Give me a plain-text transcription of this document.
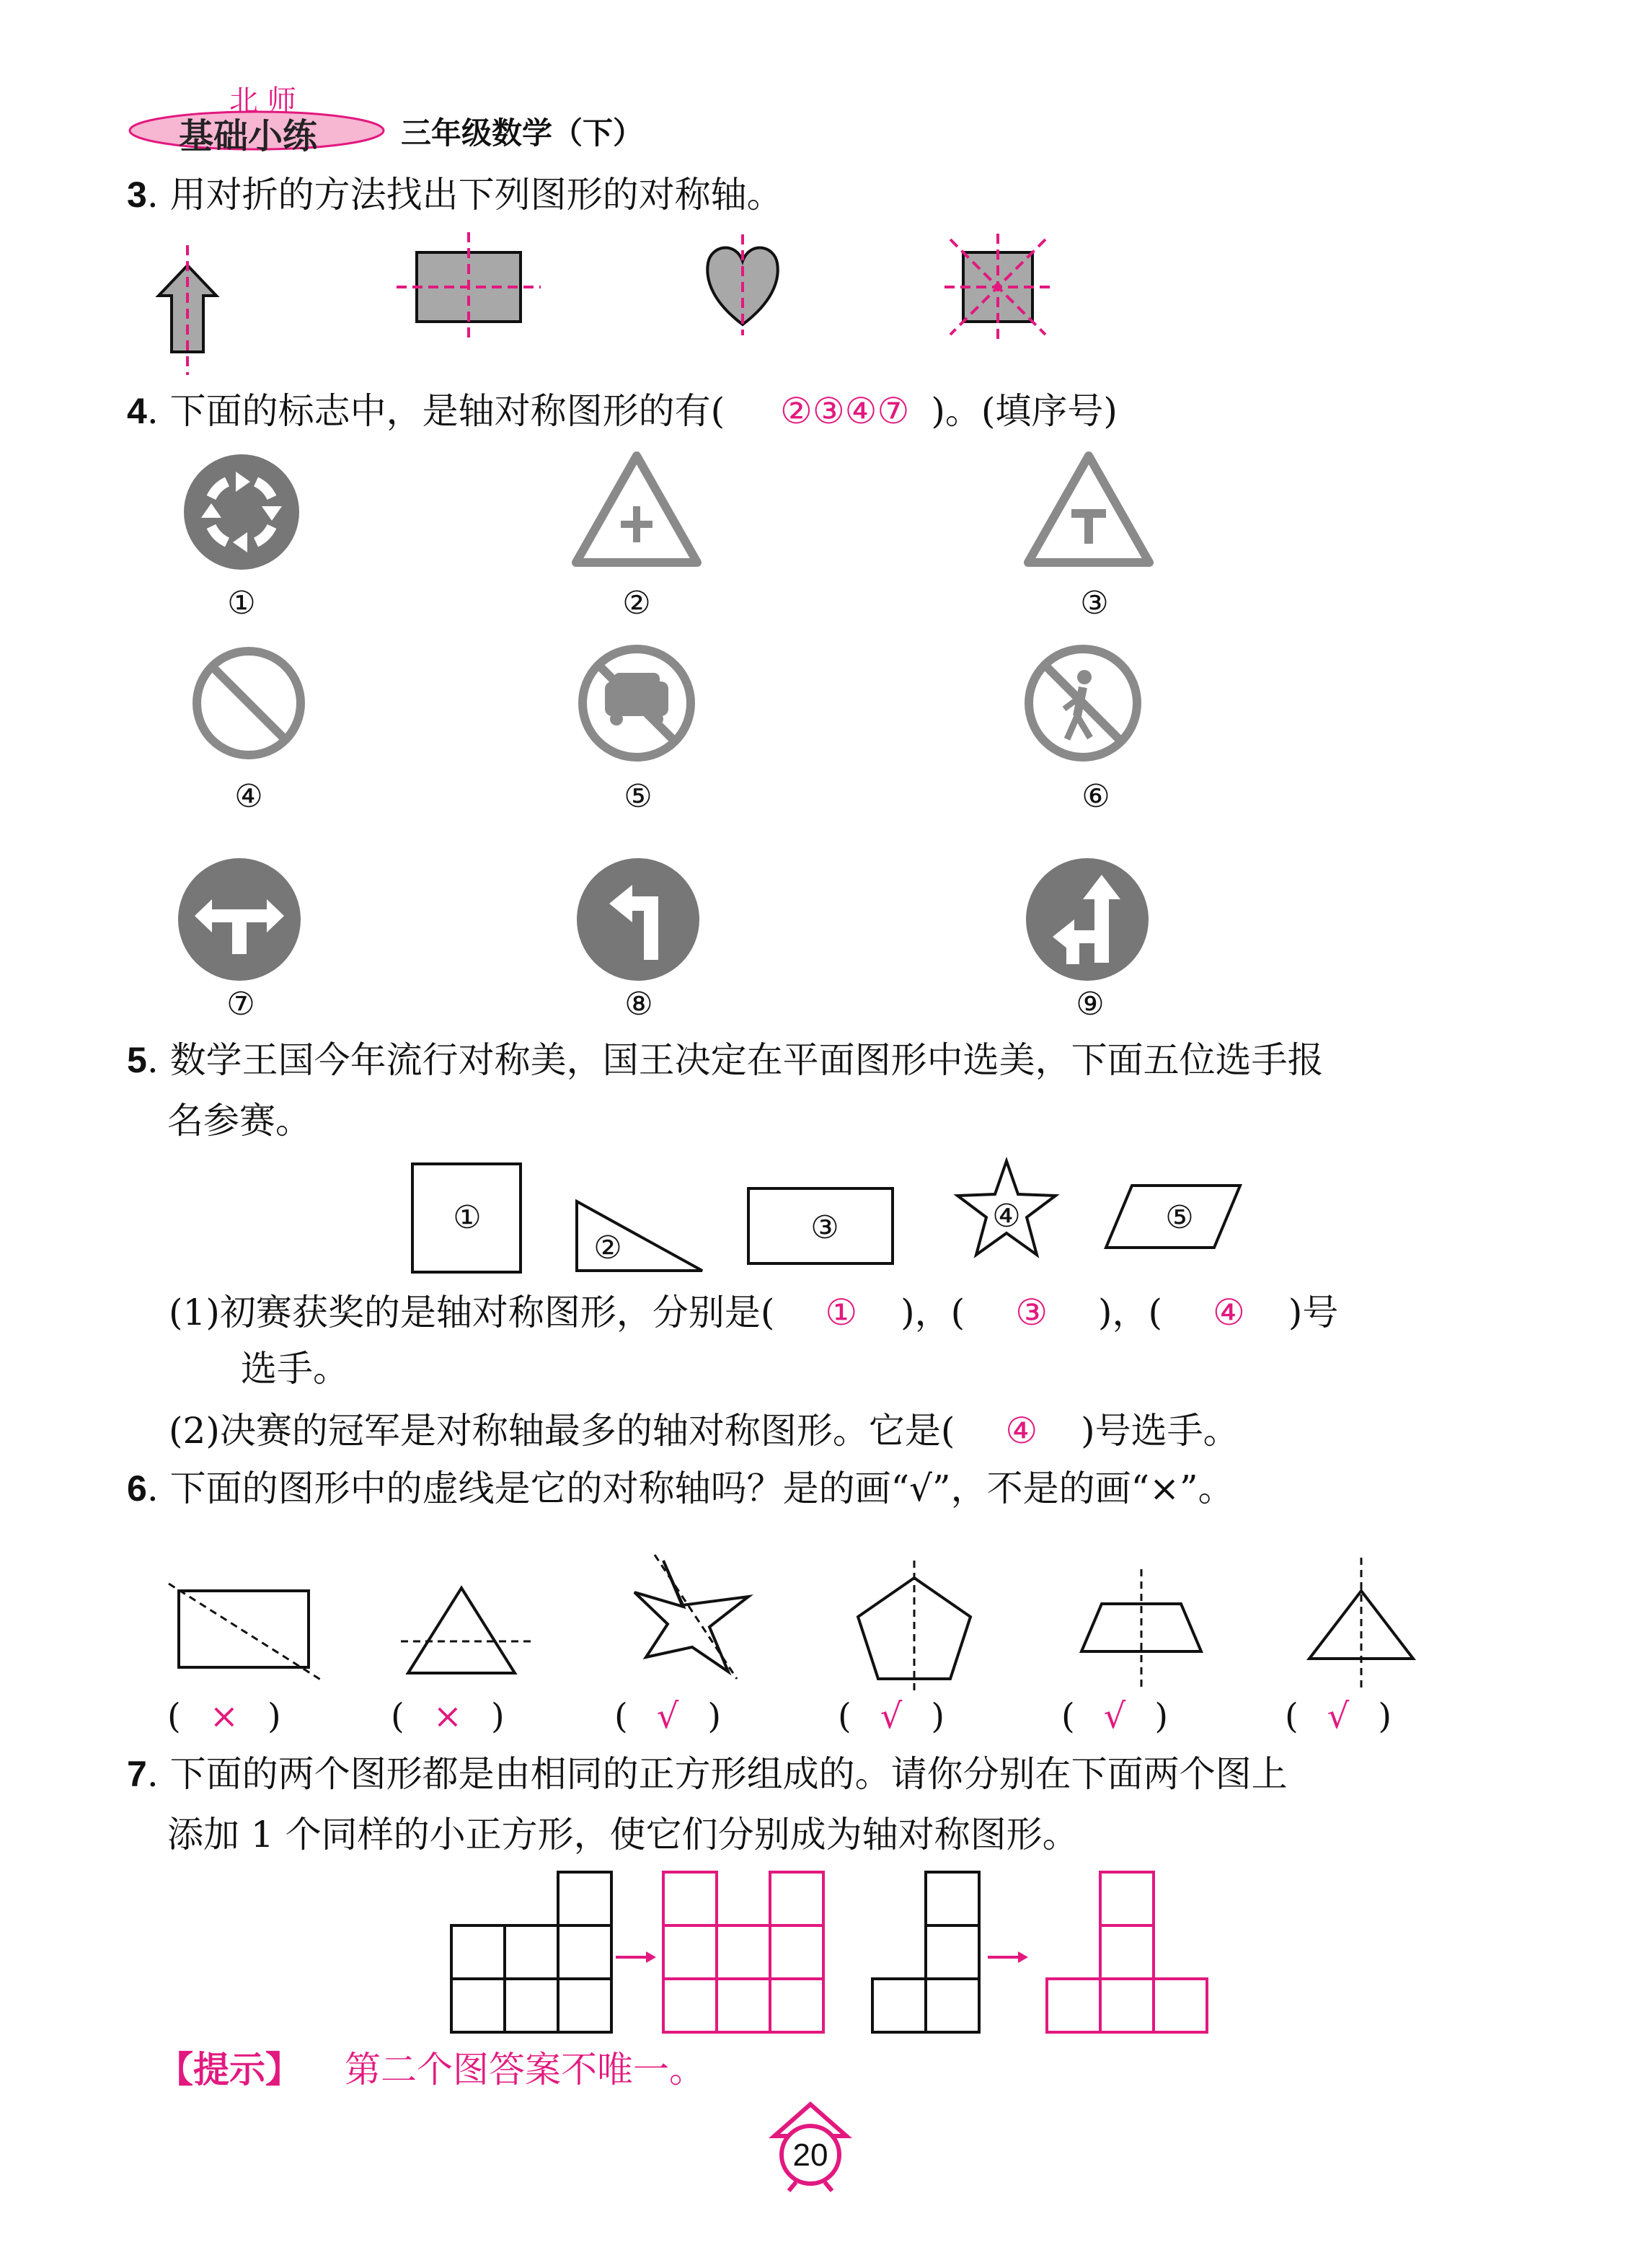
北 师
基础小练	三年级数学（下）
3. 用对折的方法找出下列图形的对称轴。
4. 下面的标志中，是轴对称图形的有( ②③④⑦ )。(填序号)
①	②	③
④	⑤	⑥
⑦	⑧	⑨
5. 数学王国今年流行对称美，国王决定在平面图形中选美，下面五位选手报
名参赛。
①
②
③	④	⑤
(1)初赛获奖的是轴对称图形，分别是( ① )，( ③ )，( ④ )号
选手。
(2)决赛的冠军是对称轴最多的轴对称图形。它是( ④ )号选手。
6. 下面的图形中的虚线是它的对称轴吗？是的画“√”，不是的画“×”。
( × )	( × )	( √ )	( √ )	( √ )	( √ )
7. 下面的两个图形都是由相同的正方形组成的。请你分别在下面两个图上
添加 1 个同样的小正方形，使它们分别成为轴对称图形。
【提示】 第二个图答案不唯一。
20
